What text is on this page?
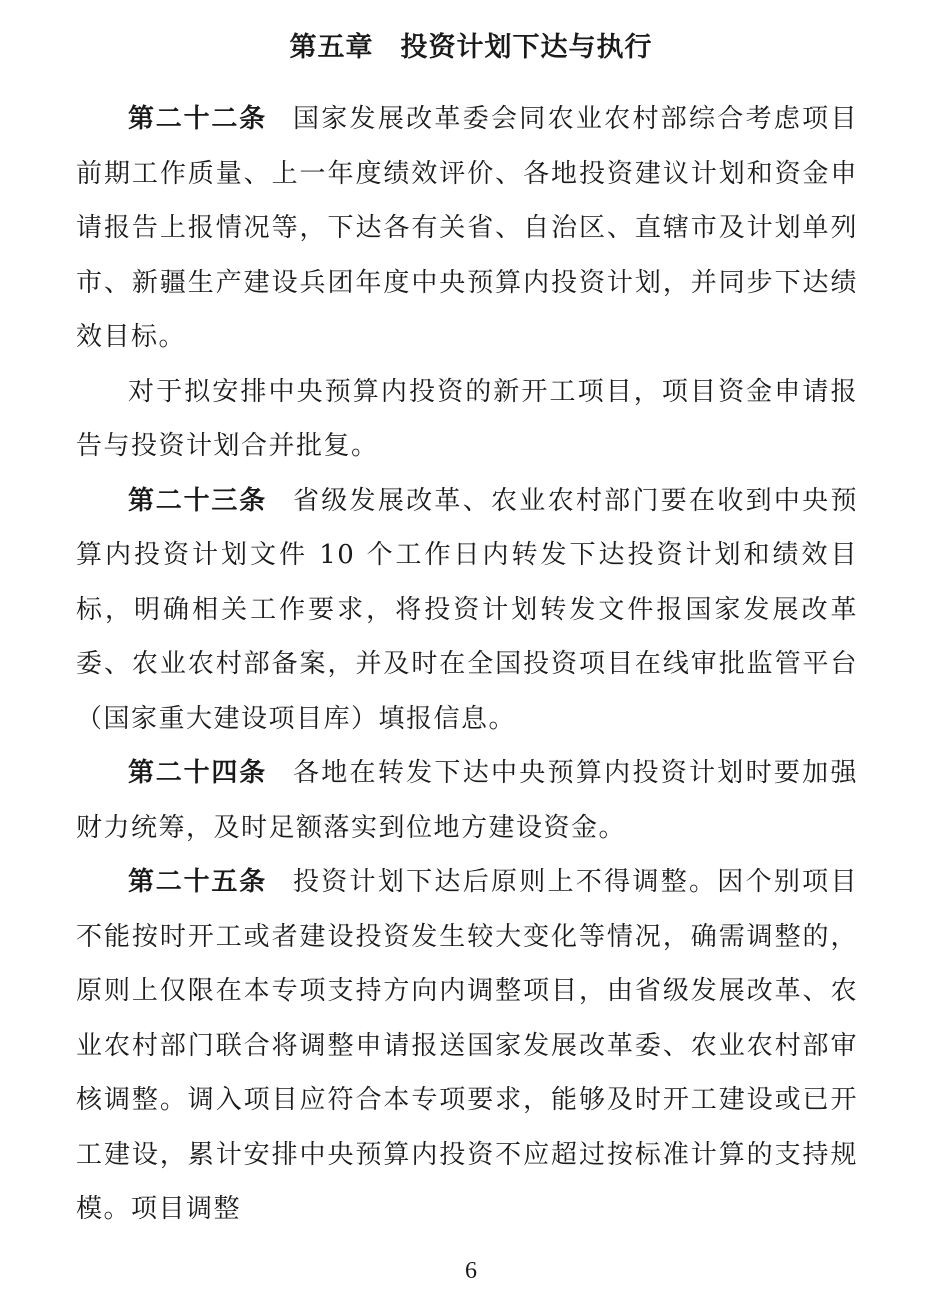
第五章 投资计划下达与执行

第二十二条 国家发展改革委会同农业农村部综合考虑项目前期工作质量、上一年度绩效评价、各地投资建议计划和资金申请报告上报情况等，下达各有关省、自治区、直辖市及计划单列市、新疆生产建设兵团年度中央预算内投资计划，并同步下达绩效目标。

对于拟安排中央预算内投资的新开工项目，项目资金申请报告与投资计划合并批复。

第二十三条 省级发展改革、农业农村部门要在收到中央预算内投资计划文件 10 个工作日内转发下达投资计划和绩效目标，明确相关工作要求，将投资计划转发文件报国家发展改革委、农业农村部备案，并及时在全国投资项目在线审批监管平台（国家重大建设项目库）填报信息。

第二十四条 各地在转发下达中央预算内投资计划时要加强财力统筹，及时足额落实到位地方建设资金。

第二十五条 投资计划下达后原则上不得调整。因个别项目不能按时开工或者建设投资发生较大变化等情况，确需调整的，原则上仅限在本专项支持方向内调整项目，由省级发展改革、农业农村部门联合将调整申请报送国家发展改革委、农业农村部审核调整。调入项目应符合本专项要求，能够及时开工建设或已开工建设，累计安排中央预算内投资不应超过按标准计算的支持规模。项目调整

6
